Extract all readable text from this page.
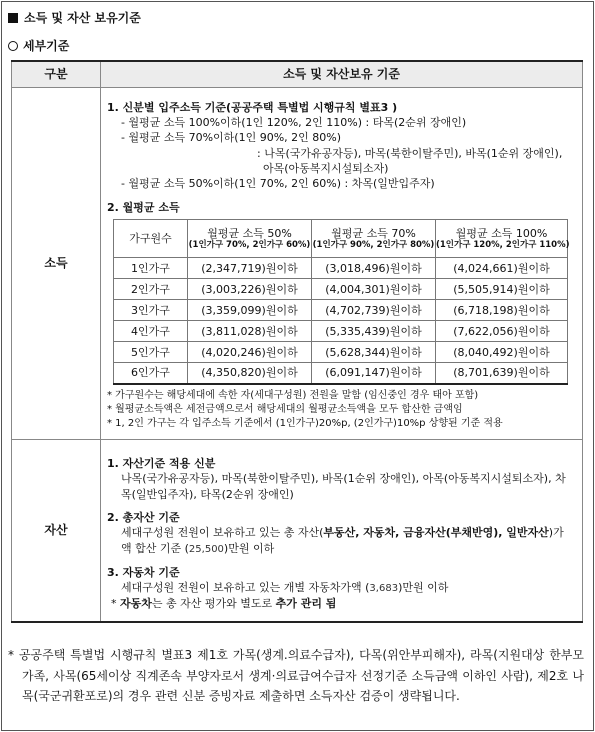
소득 및 자산 보유기준
세부기준
구분	소득 및 자산보유 기준
소득	

1. 신분별 입주소득 기준(공공주택 특별법 시행규칙 별표3 )

- 월평균 소득 100%이하(1인 120%, 2인 110%) : 타목(2순위 장애인)

- 월평균 소득 70%이하(1인 90%, 2인 80%)

: 나목(국가유공자등), 마목(북한이탈주민), 바목(1순위 장애인),

아목(아동복지시설퇴소자)

- 월평균 소득 50%이하(1인 70%, 2인 60%) : 차목(일반입주자)

2. 월평균 소득

가구원수	월평균 소득 50%
(1인가구 70%, 2인가구 60%)
	월평균 소득 70%
(1인가구 90%, 2인가구 80%)
	월평균 소득 100%
(1인가구 120%, 2인가구 110%)

1인가구	(2,347,719)원이하	(3,018,496)원이하	(4,024,661)원이하
2인가구	(3,003,226)원이하	(4,004,301)원이하	(5,505,914)원이하
3인가구	(3,359,099)원이하	(4,702,739)원이하	(6,718,198)원이하
4인가구	(3,811,028)원이하	(5,335,439)원이하	(7,622,056)원이하
5인가구	(4,020,246)원이하	(5,628,344)원이하	(8,040,492)원이하
6인가구	(4,350,820)원이하	(6,091,147)원이하	(8,701,639)원이하

* 가구원수는 해당세대에 속한 자(세대구성원) 전원을 말함 (임신중인 경우 태아 포함)

* 월평균소득액은 세전금액으로서 해당세대의 월평균소득액을 모두 합산한 금액임

* 1, 2인 가구는 각 입주소득 기준에서 (1인가구)20%p, (2인가구)10%p 상향된 기준 적용

자산	

1. 자산기준 적용 신분

나목(국가유공자등), 마목(북한이탈주민), 바목(1순위 장애인), 아목(아동복지시설퇴소자), 차목(일반입주자), 타목(2순위 장애인)

2. 총자산 기준

세대구성원 전원이 보유하고 있는 총 자산(부동산, 자동차, 금융자산(부채반영), 일반자산)가액 합산 기준 (25,500)만원 이하

3. 자동차 기준

세대구성원 전원이 보유하고 있는 개별 자동차가액 (3,683)만원 이하

* 자동차는 총 자산 평가와 별도로 추가 관리 됨

* 공공주택 특별법 시행규칙 별표3 제1호 가목(생계.의료수급자), 다목(위안부피해자), 라목(지원대상 한부모가족, 사목(65세이상 직계존속 부양자로서 생계·의료급여수급자 선정기준 소득금액 이하인 사람), 제2호 나목(국군귀환포로)의 경우 관련 신분 증빙자료 제출하면 소득자산 검증이 생략됩니다.
